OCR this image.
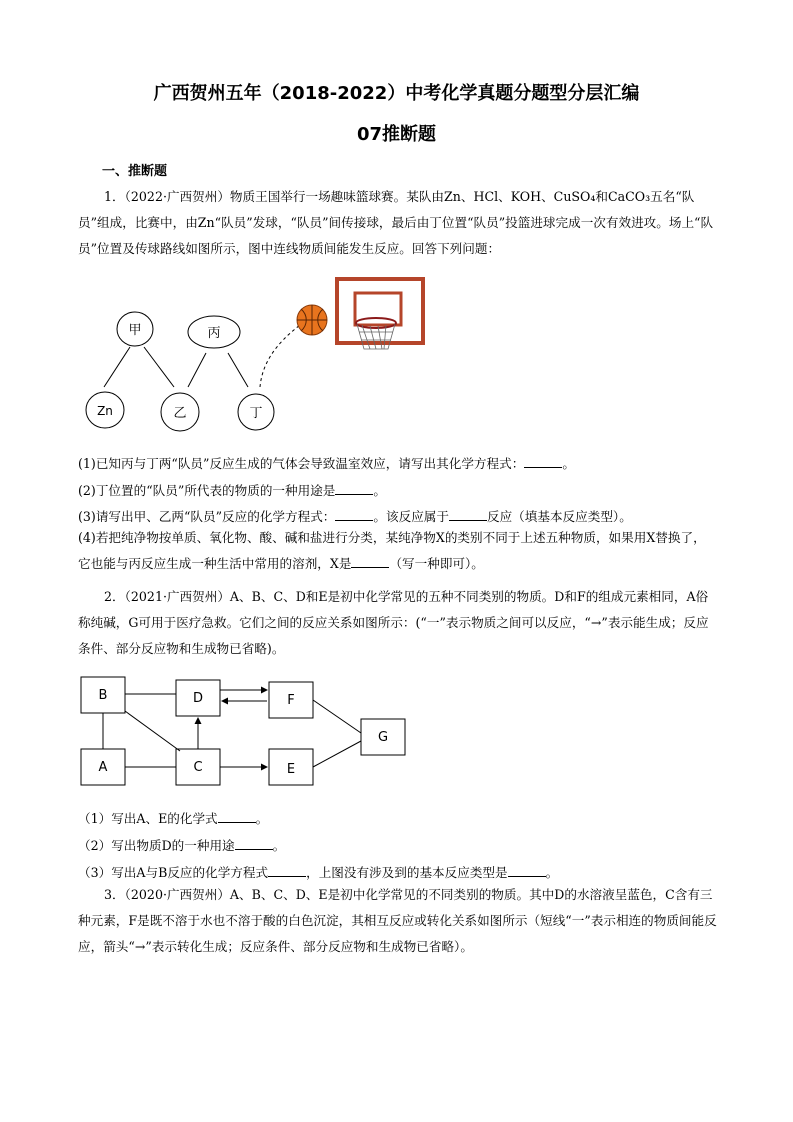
广西贺州五年（2018-2022）中考化学真题分题型分层汇编
07推断题
一、推断题
1．（2022·广西贺州）物质王国举行一场趣味篮球赛。某队由Zn、HCl、KOH、CuSO₄和CaCO₃五名“队员”组成，比赛中，由Zn“队员”发球，“队员”间传接球，最后由丁位置“队员”投篮进球完成一次有效进攻。场上“队员”位置及传球路线如图所示，图中连线物质间能发生反应。回答下列问题：
甲	丙
Zn	乙	丁
(1)已知丙与丁两“队员”反应生成的气体会导致温室效应，请写出其化学方程式：	。
(2)丁位置的“队员”所代表的物质的一种用途是	。
(3)请写出甲、乙两“队员”反应的化学方程式：	。该反应属于	反应（填基本反应类型）。
(4)若把纯净物按单质、氧化物、酸、碱和盐进行分类，某纯净物X的类别不同于上述五种物质，如果用X替换了，它也能与丙反应生成一种生活中常用的溶剂，X是	（写一种即可）。
2．（2021·广西贺州）A、B、C、D和E是初中化学常见的五种不同类别的物质。D和F的组成元素相同，A俗称纯碱，G可用于医疗急救。它们之间的反应关系如图所示：(“一”表示物质之间可以反应，“→”表示能生成；反应条件、部分反应物和生成物已省略)。
B	D	F
G
A	C	E
（1）写出A、E的化学式	。
（2）写出物质D的一种用途	。
（3）写出A与B反应的化学方程式	，上图没有涉及到的基本反应类型是	。
3．（2020·广西贺州）A、B、C、D、E是初中化学常见的不同类别的物质。其中D的水溶液呈蓝色，C含有三种元素，F是既不溶于水也不溶于酸的白色沉淀，其相互反应或转化关系如图所示（短线“一”表示相连的物质间能反应，箭头“→”表示转化生成；反应条件、部分反应物和生成物已省略）。
